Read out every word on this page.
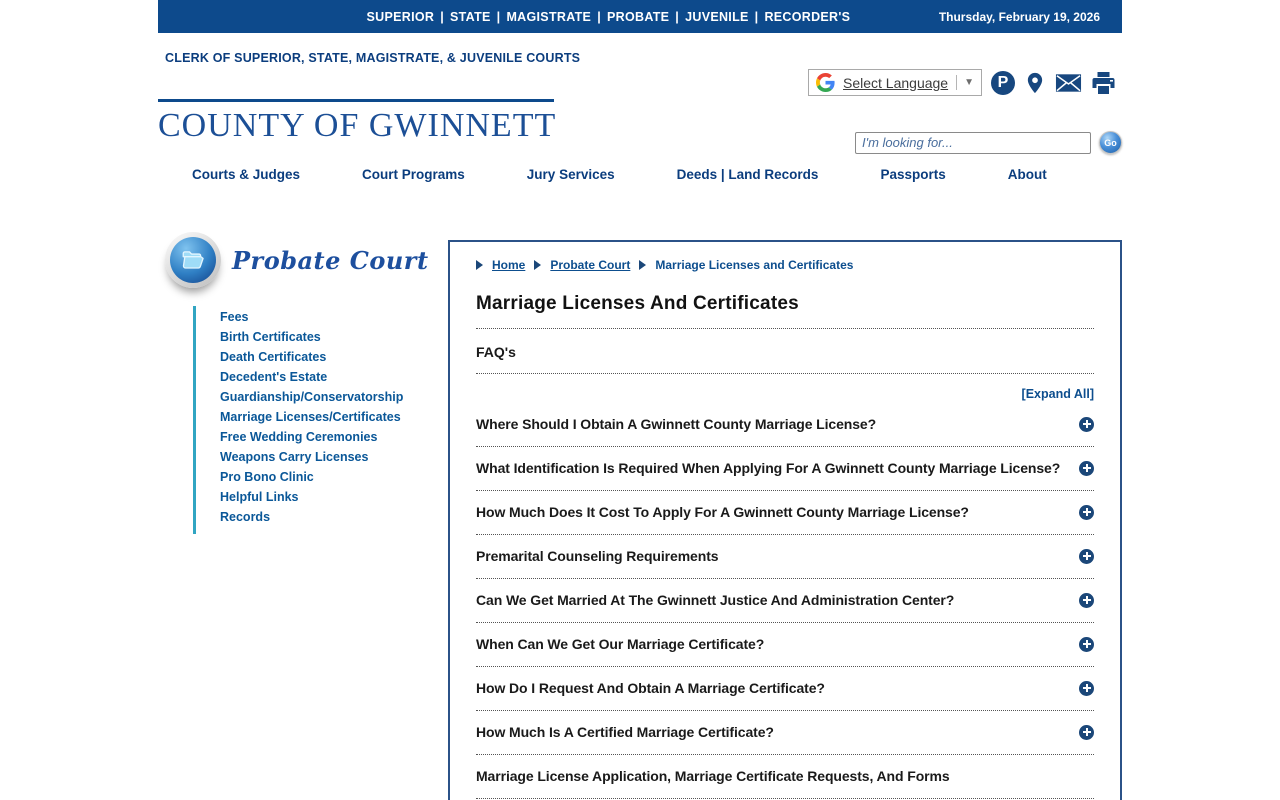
SUPERIOR | STATE | MAGISTRATE | PROBATE | JUVENILE | RECORDER'S	Thursday, February 19, 2026
CLERK OF SUPERIOR, STATE, MAGISTRATE, & JUVENILE COURTS
COUNTY OF GWINNETT
Select Language	▼	P
I'm looking for...
Go
Courts & Judges	Court Programs	Jury Services	Deeds | Land Records	Passports	About
Probate Court
Fees
Birth Certificates
Death Certificates
Decedent's Estate
Guardianship/Conservatorship
Marriage Licenses/Certificates
Free Wedding Ceremonies
Weapons Carry Licenses
Pro Bono Clinic
Helpful Links
Records
Home Probate Court Marriage Licenses and Certificates
Marriage Licenses And Certificates
FAQ's
[Expand All]
Where Should I Obtain A Gwinnett County Marriage License?
What Identification Is Required When Applying For A Gwinnett County Marriage License?
How Much Does It Cost To Apply For A Gwinnett County Marriage License?
Premarital Counseling Requirements
Can We Get Married At The Gwinnett Justice And Administration Center?
When Can We Get Our Marriage Certificate?
How Do I Request And Obtain A Marriage Certificate?
How Much Is A Certified Marriage Certificate?
Marriage License Application, Marriage Certificate Requests, And Forms
